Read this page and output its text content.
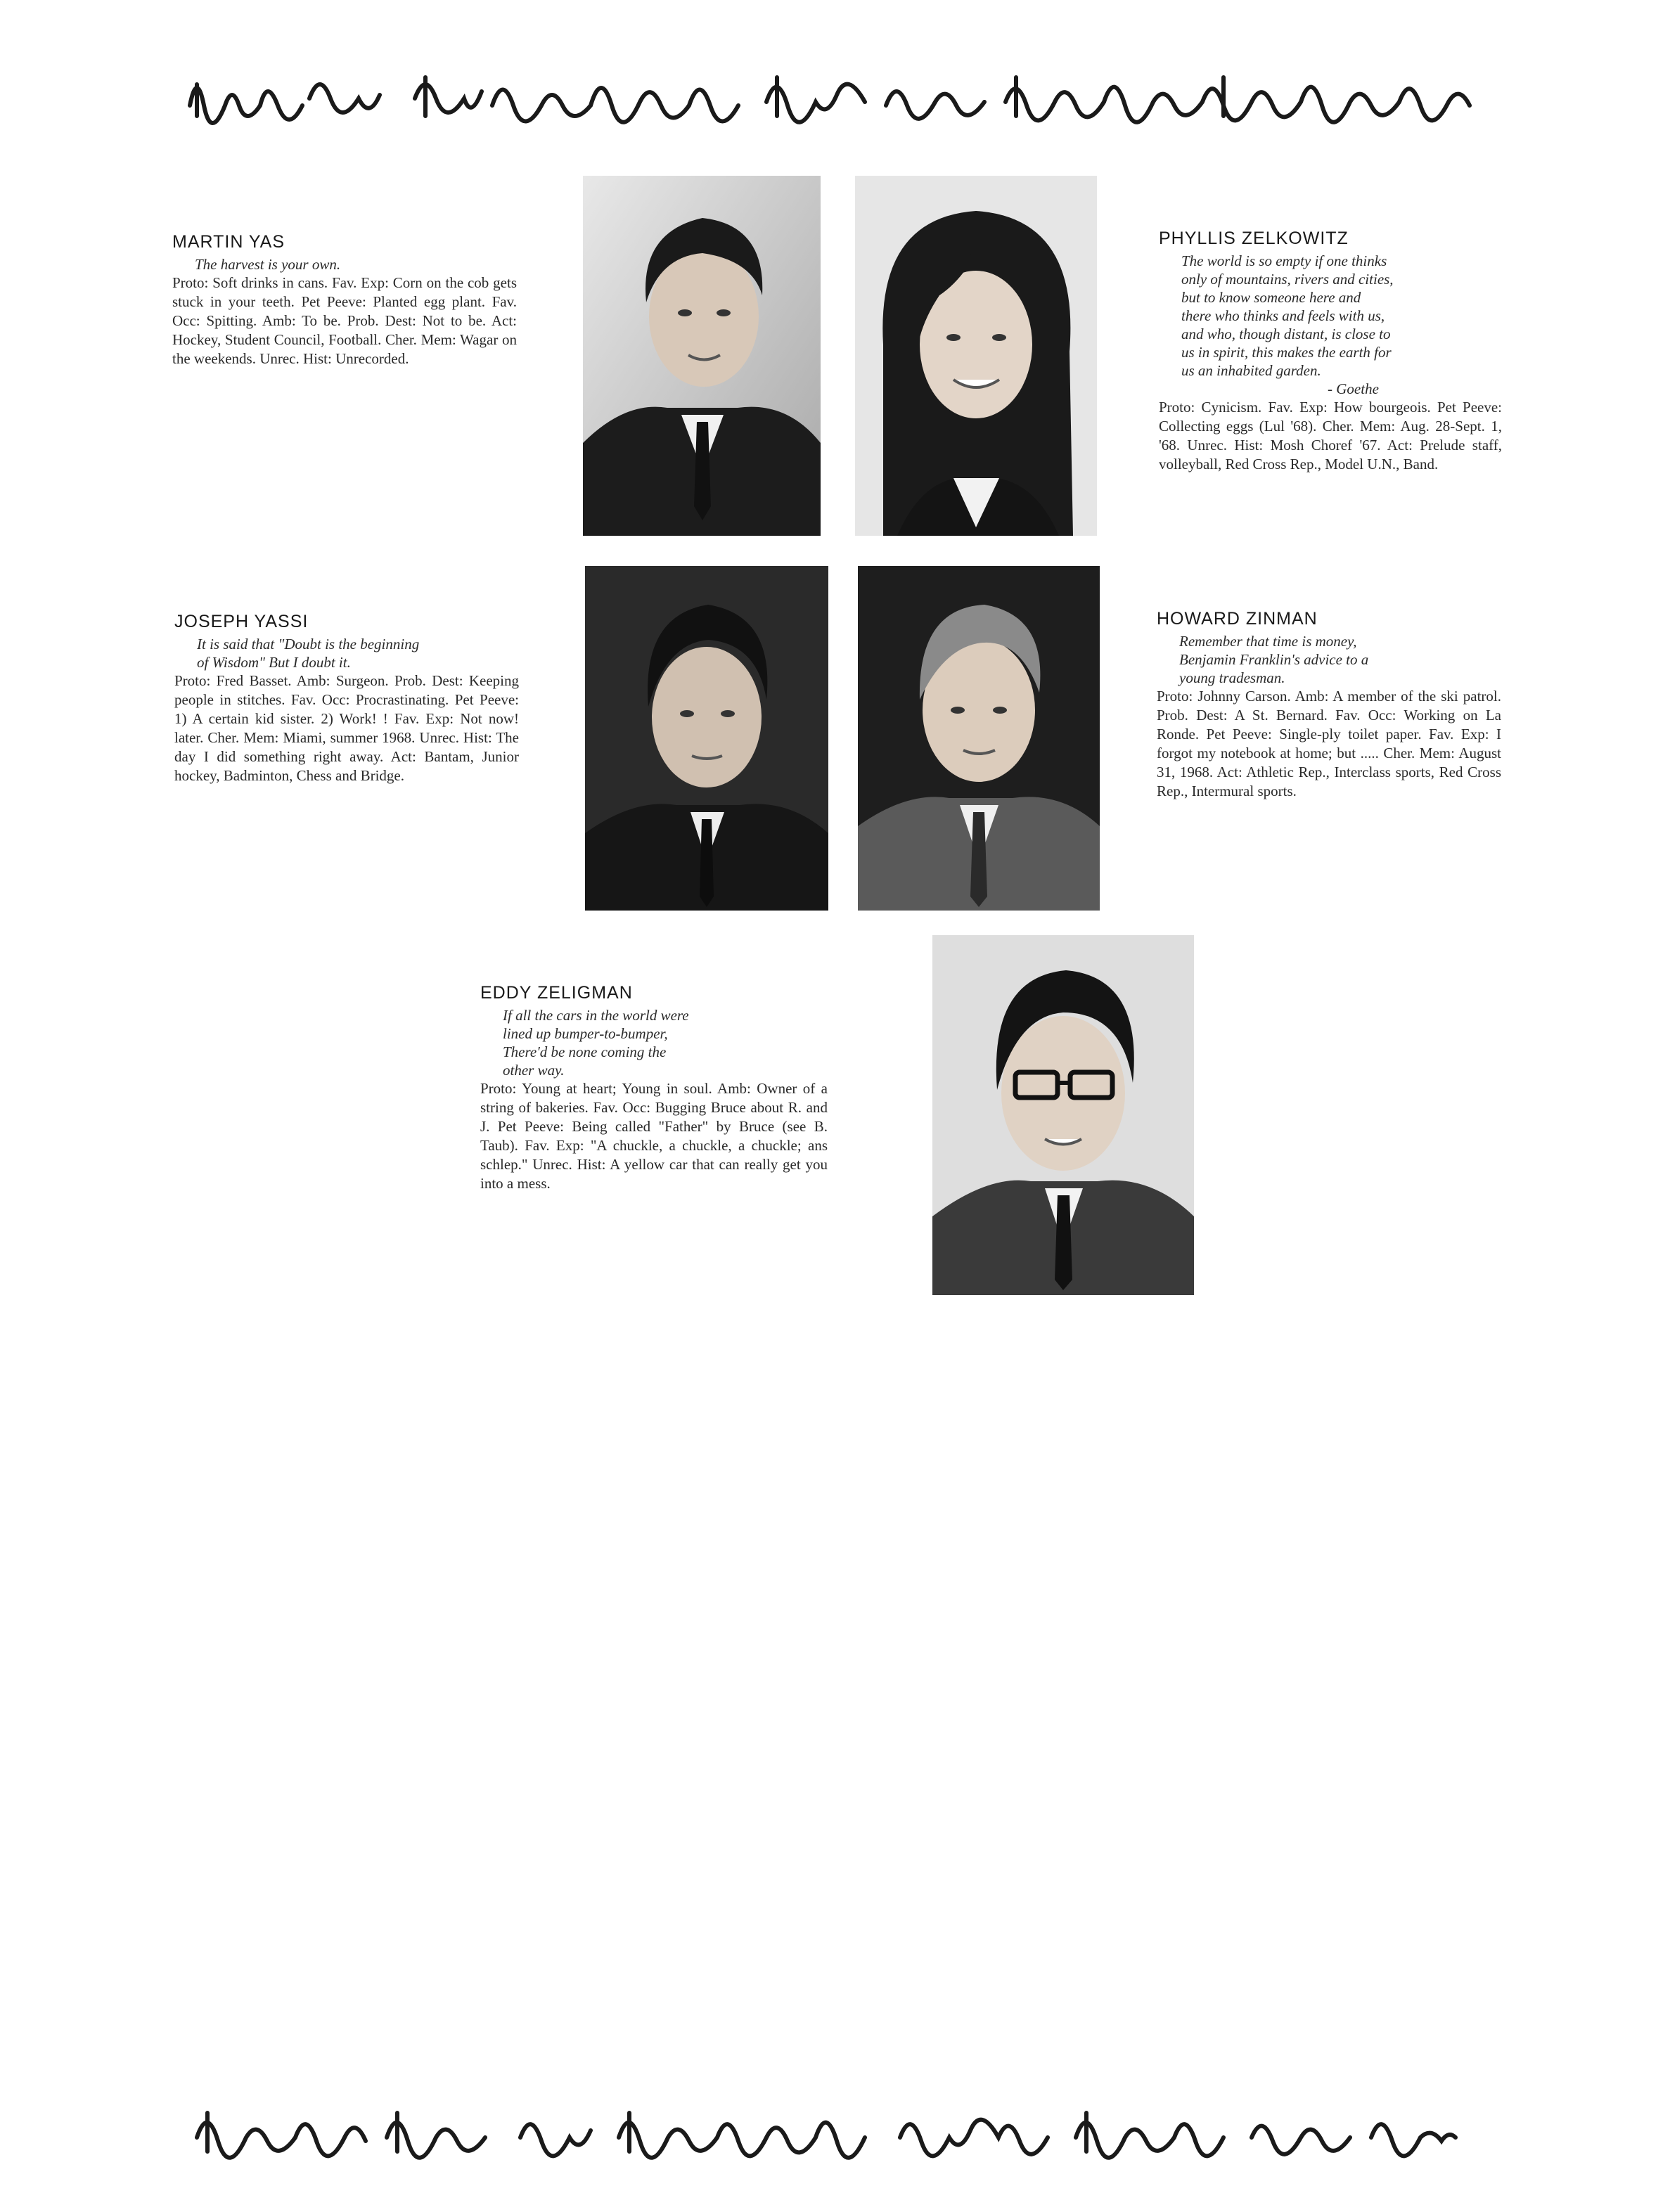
MARTIN YAS
The harvest is your own.
Proto: Soft drinks in cans. Fav. Exp: Corn on the cob gets stuck in your teeth. Pet Peeve: Planted egg plant. Fav. Occ: Spitting. Amb: To be. Prob. Dest: Not to be. Act: Hockey, Student Council, Football. Cher. Mem: Wagar on the weekends. Unrec. Hist: Unrecorded.
PHYLLIS ZELKOWITZ
The world is so empty if one thinks
only of mountains, rivers and cities,
but to know someone here and
there who thinks and feels with us,
and who, though distant, is close to
us in spirit, this makes the earth for
us an inhabited garden.
- Goethe
Proto: Cynicism. Fav. Exp: How bourgeois. Pet Peeve: Collecting eggs (Lul '68). Cher. Mem: Aug. 28-Sept. 1, '68. Unrec. Hist: Mosh Choref '67. Act: Prelude staff, volleyball, Red Cross Rep., Model U.N., Band.
JOSEPH YASSI
It is said that "Doubt is the beginning
of Wisdom" But I doubt it.
Proto: Fred Basset. Amb: Surgeon. Prob. Dest: Keeping people in stitches. Fav. Occ: Procrastinating. Pet Peeve: 1) A certain kid sister. 2) Work! ! Fav. Exp: Not now! later. Cher. Mem: Miami, summer 1968. Unrec. Hist: The day I did something right away. Act: Bantam, Junior hockey, Badminton, Chess and Bridge.
HOWARD ZINMAN
Remember that time is money,
Benjamin Franklin's advice to a
young tradesman.
Proto: Johnny Carson. Amb: A member of the ski patrol. Prob. Dest: A St. Bernard. Fav. Occ: Working on La Ronde. Pet Peeve: Single-ply toilet paper. Fav. Exp: I forgot my notebook at home; but ..... Cher. Mem: August 31, 1968. Act: Athletic Rep., Interclass sports, Red Cross Rep., Intermural sports.
EDDY ZELIGMAN
If all the cars in the world were
lined up bumper-to-bumper,
There'd be none coming the
other way.
Proto: Young at heart; Young in soul. Amb: Owner of a string of bakeries. Fav. Occ: Bugging Bruce about R. and J. Pet Peeve: Being called "Father" by Bruce (see B. Taub). Fav. Exp: "A chuckle, a chuckle, a chuckle; ans schlep." Unrec. Hist: A yellow car that can really get you into a mess.
